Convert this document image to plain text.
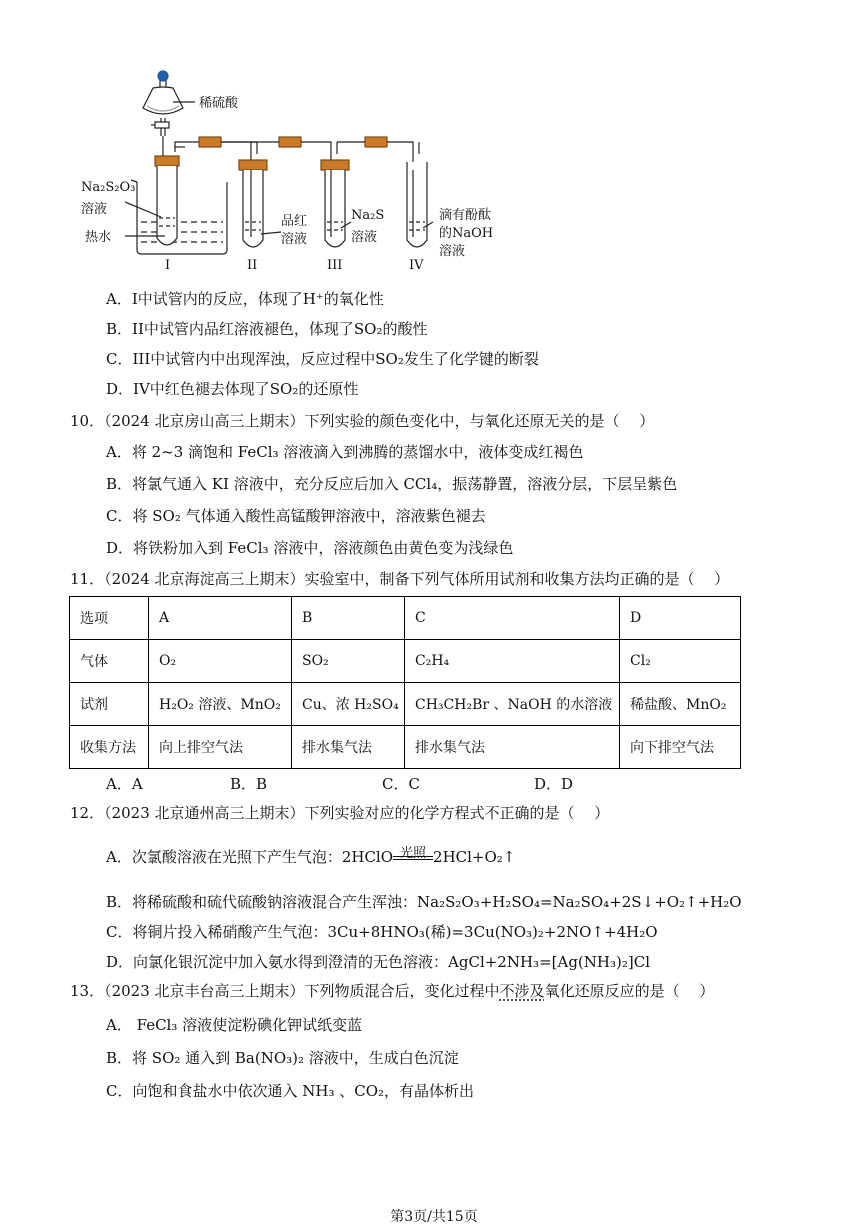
稀硫酸
Na₂S₂O₃
溶液
热水
品红
溶液
Na₂S
溶液
滴有酚酞
的NaOH
溶液
I	II	III	IV
A．I中试管内的反应，体现了H⁺的氧化性
B．II中试管内品红溶液褪色，体现了SO₂的酸性
C．III中试管内中出现浑浊，反应过程中SO₂发生了化学键的断裂
D．IV中红色褪去体现了SO₂的还原性
10．（2024 北京房山高三上期末）下列实验的颜色变化中，与氧化还原无关的是（　 ）
A．将 2~3 滴饱和 FeCl₃ 溶液滴入到沸腾的蒸馏水中，液体变成红褐色
B．将氯气通入 KI 溶液中，充分反应后加入 CCl₄，振荡静置，溶液分层，下层呈紫色
C．将 SO₂ 气体通入酸性高锰酸钾溶液中，溶液紫色褪去
D．将铁粉加入到 FeCl₃ 溶液中，溶液颜色由黄色变为浅绿色
11．（2024 北京海淀高三上期末）实验室中，制备下列气体所用试剂和收集方法均正确的是（　 ）
选项	A	B	C	D
气体	O₂	SO₂	C₂H₄	Cl₂
试剂	H₂O₂ 溶液、MnO₂	Cu、浓 H₂SO₄	CH₃CH₂Br 、NaOH 的水溶液	稀盐酸、MnO₂
收集方法	向上排空气法	排水集气法	排水集气法	向下排空气法
A．A	B．B	C．C	D．D
12．（2023 北京通州高三上期末）下列实验对应的化学方程式不正确的是（　 ）
A．次氯酸溶液在光照下产生气泡：2HClO 光照 2HCl+O₂↑
B．将稀硫酸和硫代硫酸钠溶液混合产生浑浊：Na₂S₂O₃+H₂SO₄=Na₂SO₄+2S↓+O₂↑+H₂O
C．将铜片投入稀硝酸产生气泡：3Cu+8HNO₃(稀)=3Cu(NO₃)₂+2NO↑+4H₂O
D．向氯化银沉淀中加入氨水得到澄清的无色溶液：AgCl+2NH₃=[Ag(NH₃)₂]Cl
13．（2023 北京丰台高三上期末）下列物质混合后，变化过程中不涉及氧化还原反应的是（　 ）
A． FeCl₃ 溶液使淀粉碘化钾试纸变蓝
B．将 SO₂ 通入到 Ba(NO₃)₂ 溶液中，生成白色沉淀
C．向饱和食盐水中依次通入 NH₃ 、CO₂，有晶体析出
第3页/共15页
